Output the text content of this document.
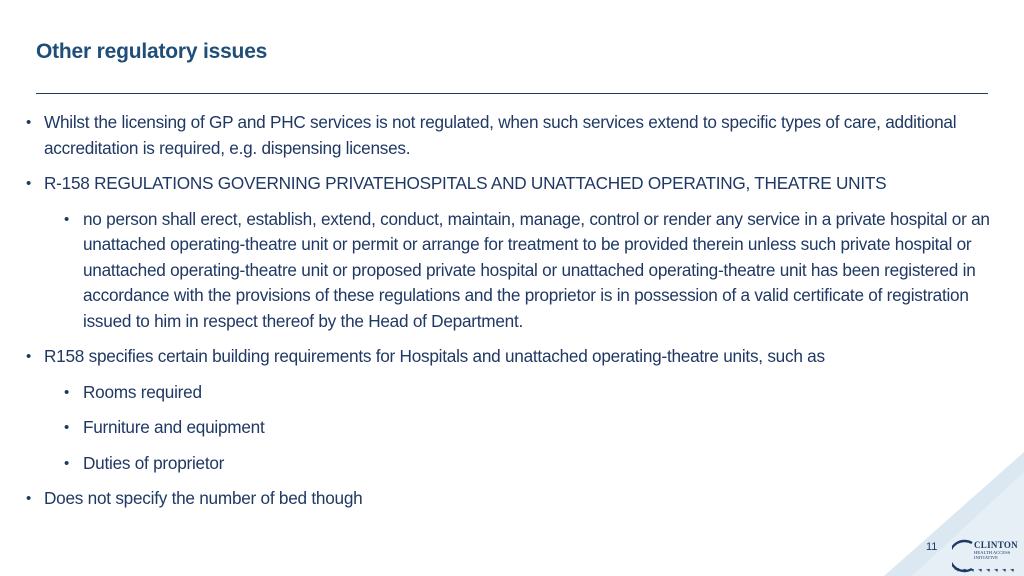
Other regulatory issues

• Whilst the licensing of GP and PHC services is not regulated, when such services extend to specific types of care, additional accreditation is required, e.g. dispensing licenses.

• R-158 REGULATIONS GOVERNING PRIVATEHOSPITALS AND UNATTACHED OPERATING, THEATRE UNITS

• no person shall erect, establish, extend, conduct, maintain, manage, control or render any service in a private hospital or an unattached operating-theatre unit or permit or arrange for treatment to be provided therein unless such private hospital or unattached operating-theatre unit or proposed private hospital or unattached operating-theatre unit has been registered in accordance with the provisions of these regulations and the proprietor is in possession of a valid certificate of registration issued to him in respect thereof by the Head of Department.

• R158 specifies certain building requirements for Hospitals and unattached operating-theatre units, such as

• Rooms required

• Furniture and equipment

• Duties of proprietor

• Does not specify the number of bed though

11	CLINTON
HEALTH ACCESS
INITIATIVE
